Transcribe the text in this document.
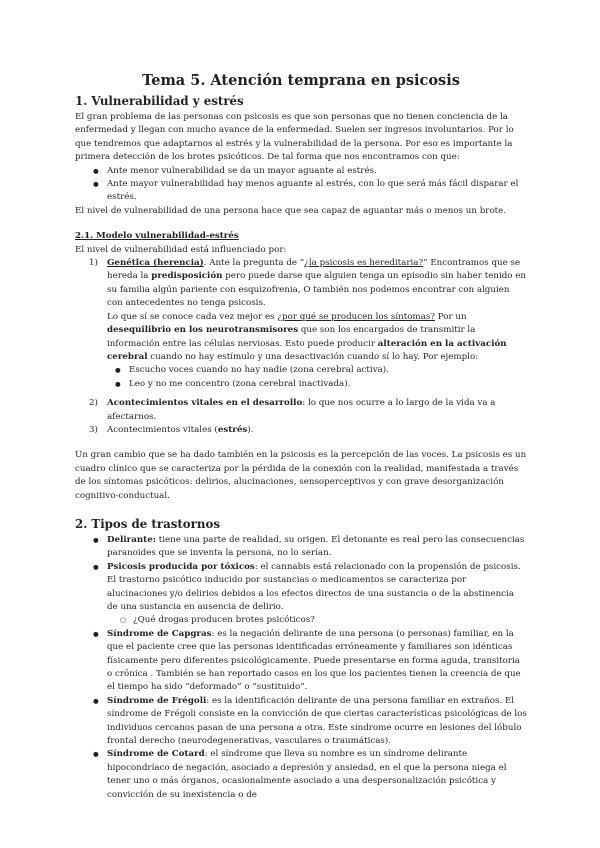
Tema 5. Atención temprana en psicosis
1. Vulnerabilidad y estrés

El gran problema de las personas con psicosis es que son personas que no tienen conciencia de la enfermedad y llegan con mucho avance de la enfermedad. Suelen ser ingresos involuntarios. Por lo que tendremos que adaptarnos al estrés y la vulnerabilidad de la persona. Por eso es importante la primera detección de los brotes psicóticos. De tal forma que nos encontramos con que:

● Ante menor vulnerabilidad se da un mayor aguante al estrés.
● Ante mayor vulnerabilidad hay menos aguante al estrés, con lo que será más fácil disparar el estrés.

El nivel de vulnerabilidad de una persona hace que sea capaz de aguantar más o menos un brote.

2.1. Modelo vulnerabilidad-estrés

El nivel de vulnerabilidad está influenciado por:

1) Genética (herencia). Ante la pregunta de “¿la psicosis es hereditaria?” Encontramos que se hereda la predisposición pero puede darse que alguien tenga un episodio sin haber tenido en su familia algún pariente con esquizofrenia, O también nos podemos encontrar con alguien con antecedentes no tenga psicosis.

Lo que sí se conoce cada vez mejor es ¿por qué se producen los síntomas? Por un desequilibrio en los neurotransmisores que son los encargados de transmitir la información entre las células nerviosas. Esto puede producir alteración en la activación cerebral cuando no hay estímulo y una desactivación cuando sí lo hay. Por ejemplo:

● Escucho voces cuando no hay nadie (zona cerebral activa).
● Leo y no me concentro (zona cerebral inactivada).
2) Acontecimientos vitales en el desarrollo: lo que nos ocurre a lo largo de la vida va a afectarnos.
3) Acontecimientos vitales (estrés).

Un gran cambio que se ha dado también en la psicosis es la percepción de las voces. La psicosis es un cuadro clínico que se caracteriza por la pérdida de la conexión con la realidad, manifestada a través de los síntomas psicóticos: delirios, alucinaciones, sensoperceptivos y con grave desorganización cognitivo-conductual.

2. Tipos de trastornos
● Delirante: tiene una parte de realidad, su origen. El detonante es real pero las consecuencias paranoides que se inventa la persona, no lo serían.
● Psicosis producida por tóxicos: el cannabis está relacionado con la propensión de psicosis. El trastorno psicótico inducido por sustancias o medicamentos se caracteriza por alucinaciones y/o delirios debidos a los efectos directos de una sustancia o de la abstinencia de una sustancia en ausencia de delirio.
○ ¿Qué drogas producen brotes psicóticos?
● Síndrome de Capgras: es la negación delirante de una persona (o personas) familiar, en la que el paciente cree que las personas identificadas erróneamente y familiares son idénticas físicamente pero diferentes psicológicamente. Puede presentarse en forma aguda, transitoria o crónica . También se han reportado casos en los que los pacientes tienen la creencia de que el tiempo ha sido “deformado” o “sustituido”.
● Síndrome de Frégoli: es la identificación delirante de una persona familiar en extraños. El síndrome de Frégoli consiste en la convicción de que ciertas características psicológicas de los individuos cercanos pasan de una persona a otra. Este síndrome ocurre en lesiones del lóbulo frontal derecho (neurodegenerativas, vasculares o traumáticas).
● Síndrome de Cotard: el síndrome que lleva su nombre es un síndrome delirante hipocondríaco de negación, asociado a depresión y ansiedad, en el que la persona niega el tener uno o más órganos, ocasionalmente asociado a una despersonalización psicótica y convicción de su inexistencia o de
